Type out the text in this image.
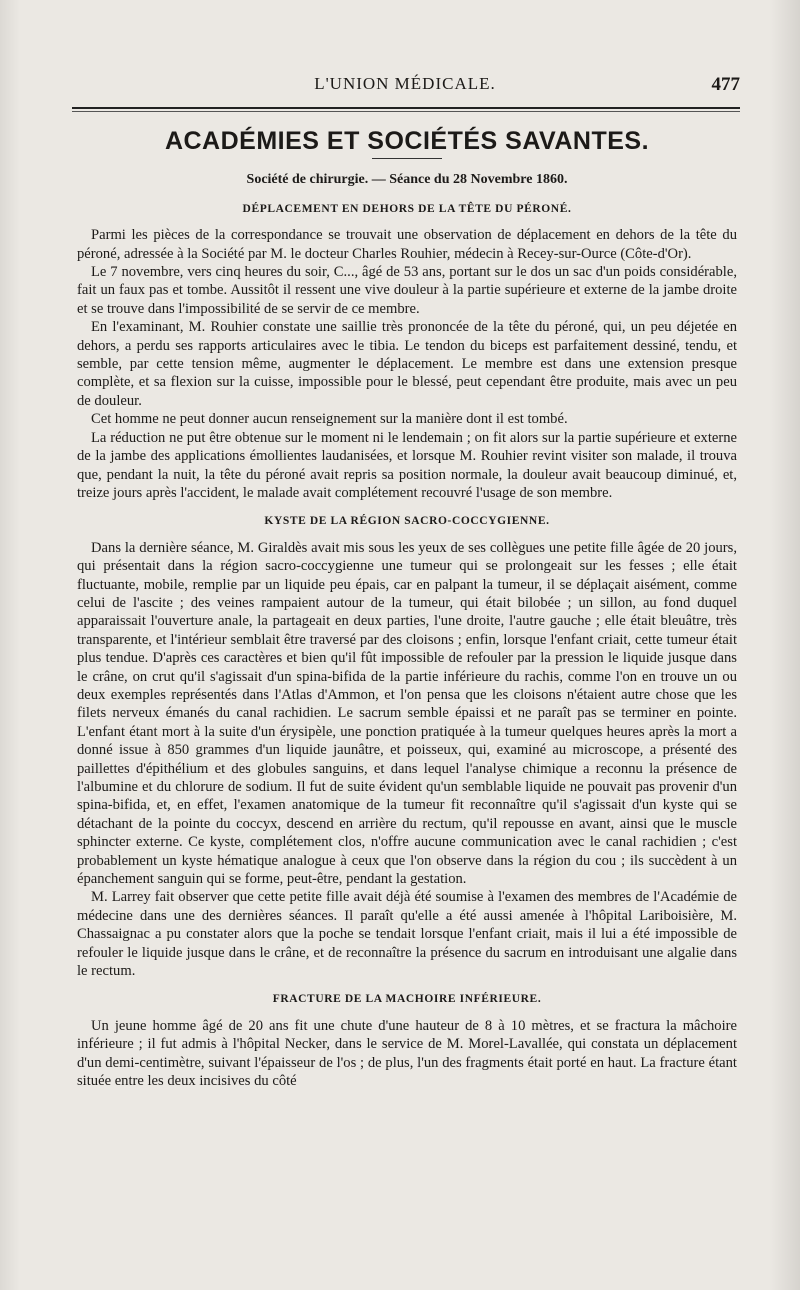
L'UNION MÉDICALE.	477
ACADÉMIES ET SOCIÉTÉS SAVANTES.
Société de chirurgie. — Séance du 28 Novembre 1860.
DÉPLACEMENT EN DEHORS DE LA TÊTE DU PÉRONÉ.

Parmi les pièces de la correspondance se trouvait une observation de déplacement en dehors de la tête du péroné, adressée à la Société par M. le docteur Charles Rouhier, médecin à Recey-sur-Ource (Côte-d'Or).

Le 7 novembre, vers cinq heures du soir, C..., âgé de 53 ans, portant sur le dos un sac d'un poids considérable, fait un faux pas et tombe. Aussitôt il ressent une vive douleur à la partie supérieure et externe de la jambe droite et se trouve dans l'impossibilité de se servir de ce membre.

En l'examinant, M. Rouhier constate une saillie très prononcée de la tête du péroné, qui, un peu déjetée en dehors, a perdu ses rapports articulaires avec le tibia. Le tendon du biceps est parfaitement dessiné, tendu, et semble, par cette tension même, augmenter le déplacement. Le membre est dans une extension presque complète, et sa flexion sur la cuisse, impossible pour le blessé, peut cependant être produite, mais avec un peu de douleur.

Cet homme ne peut donner aucun renseignement sur la manière dont il est tombé.

La réduction ne put être obtenue sur le moment ni le lendemain ; on fit alors sur la partie supérieure et externe de la jambe des applications émollientes laudanisées, et lorsque M. Rouhier revint visiter son malade, il trouva que, pendant la nuit, la tête du péroné avait repris sa position normale, la douleur avait beaucoup diminué, et, treize jours après l'accident, le malade avait complétement recouvré l'usage de son membre.

KYSTE DE LA RÉGION SACRO-COCCYGIENNE.

Dans la dernière séance, M. Giraldès avait mis sous les yeux de ses collègues une petite fille âgée de 20 jours, qui présentait dans la région sacro-coccygienne une tumeur qui se prolongeait sur les fesses ; elle était fluctuante, mobile, remplie par un liquide peu épais, car en palpant la tumeur, il se déplaçait aisément, comme celui de l'ascite ; des veines rampaient autour de la tumeur, qui était bilobée ; un sillon, au fond duquel apparaissait l'ouverture anale, la partageait en deux parties, l'une droite, l'autre gauche ; elle était bleuâtre, très transparente, et l'intérieur semblait être traversé par des cloisons ; enfin, lorsque l'enfant criait, cette tumeur était plus tendue. D'après ces caractères et bien qu'il fût impossible de refouler par la pression le liquide jusque dans le crâne, on crut qu'il s'agissait d'un spina-bifida de la partie inférieure du rachis, comme l'on en trouve un ou deux exemples représentés dans l'Atlas d'Ammon, et l'on pensa que les cloisons n'étaient autre chose que les filets nerveux émanés du canal rachidien. Le sacrum semble épaissi et ne paraît pas se terminer en pointe. L'enfant étant mort à la suite d'un érysipèle, une ponction pratiquée à la tumeur quelques heures après la mort a donné issue à 850 grammes d'un liquide jaunâtre, et poisseux, qui, examiné au microscope, a présenté des paillettes d'épithélium et des globules sanguins, et dans lequel l'analyse chimique a reconnu la présence de l'albumine et du chlorure de sodium. Il fut de suite évident qu'un semblable liquide ne pouvait pas provenir d'un spina-bifida, et, en effet, l'examen anatomique de la tumeur fit reconnaître qu'il s'agissait d'un kyste qui se détachant de la pointe du coccyx, descend en arrière du rectum, qu'il repousse en avant, ainsi que le muscle sphincter externe. Ce kyste, complétement clos, n'offre aucune communication avec le canal rachidien ; c'est probablement un kyste hématique analogue à ceux que l'on observe dans la région du cou ; ils succèdent à un épanchement sanguin qui se forme, peut-être, pendant la gestation.

M. Larrey fait observer que cette petite fille avait déjà été soumise à l'examen des membres de l'Académie de médecine dans une des dernières séances. Il paraît qu'elle a été aussi amenée à l'hôpital Lariboisière, M. Chassaignac a pu constater alors que la poche se tendait lorsque l'enfant criait, mais il lui a été impossible de refouler le liquide jusque dans le crâne, et de reconnaître la présence du sacrum en introduisant une algalie dans le rectum.

FRACTURE DE LA MACHOIRE INFÉRIEURE.

Un jeune homme âgé de 20 ans fit une chute d'une hauteur de 8 à 10 mètres, et se fractura la mâchoire inférieure ; il fut admis à l'hôpital Necker, dans le service de M. Morel-Lavallée, qui constata un déplacement d'un demi-centimètre, suivant l'épaisseur de l'os ; de plus, l'un des fragments était porté en haut. La fracture étant située entre les deux incisives du côté
